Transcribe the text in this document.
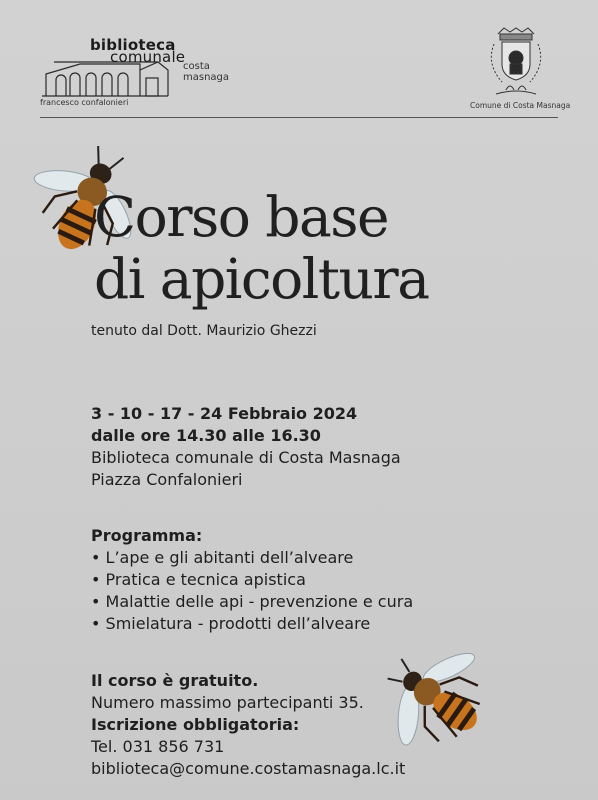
biblioteca
comunale
costa masnaga
francesco confalonieri	Comune di Costa Masnaga
Corso base
di apicoltura
tenuto dal Dott. Maurizio Ghezzi
3 - 10 - 17 - 24 Febbraio 2024
dalle ore 14.30 alle 16.30
Biblioteca comunale di Costa Masnaga
Piazza Confalonieri
Programma:
• L’ape e gli abitanti dell’alveare
• Pratica e tecnica apistica
• Malattie delle api - prevenzione e cura
• Smielatura - prodotti dell’alveare
Il corso è gratuito.
Numero massimo partecipanti 35.
Iscrizione obbligatoria:
Tel. 031 856 731
biblioteca@comune.costamasnaga.lc.it
